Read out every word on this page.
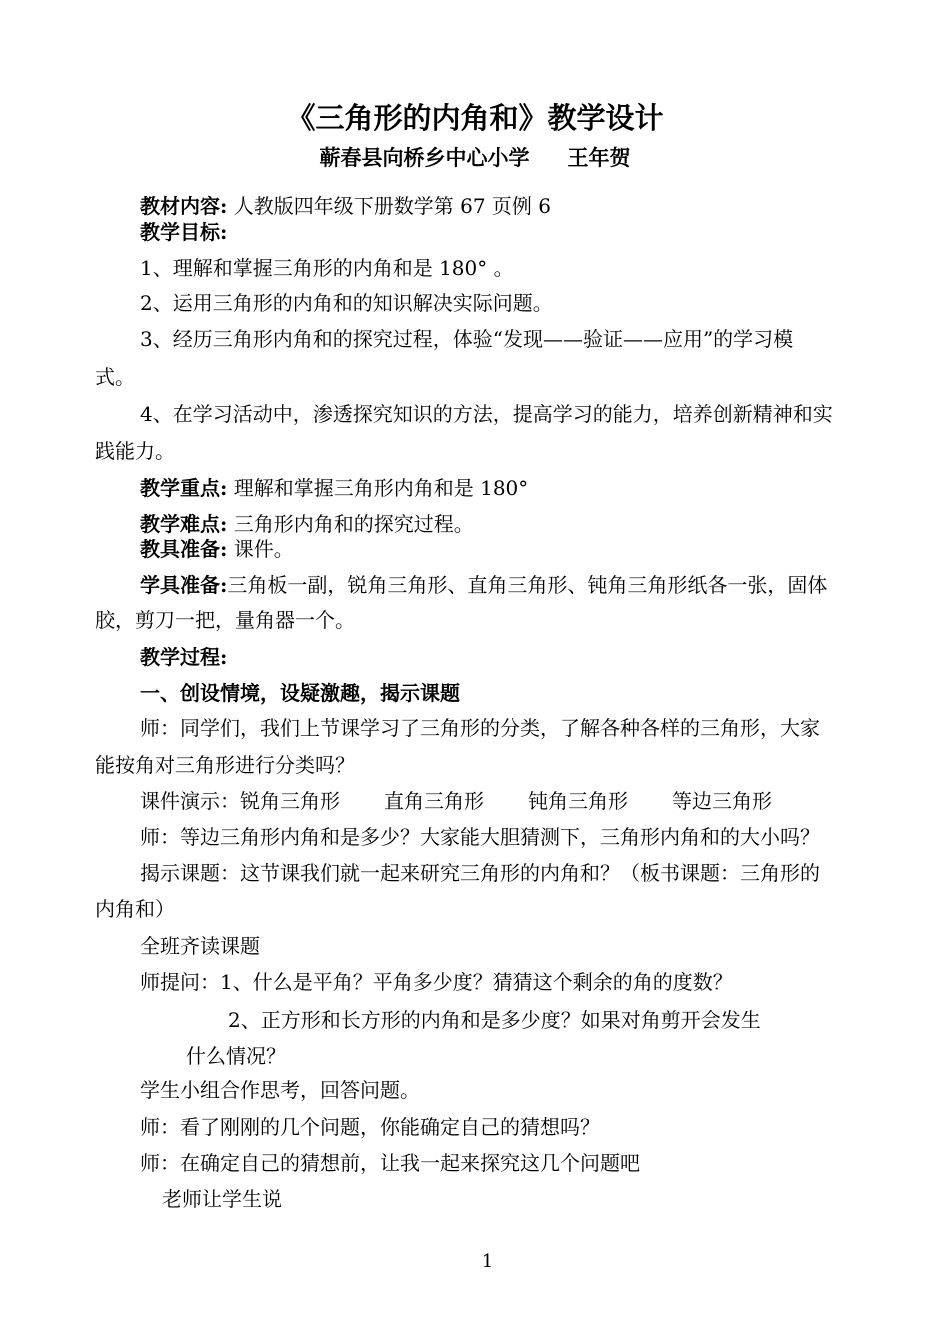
《三角形的内角和》教学设计
蕲春县向桥乡中心小学 王年贺
教材内容: 人教版四年级下册数学第 67 页例 6
教学目标:
1、理解和掌握三角形的内角和是 180° 。
2、运用三角形的内角和的知识解决实际问题。
3、经历三角形内角和的探究过程，体验“发现——验证——应用”的学习模
式。
4、在学习活动中，渗透探究知识的方法，提高学习的能力，培养创新精神和实
践能力。
教学重点: 理解和掌握三角形内角和是 180°
教学难点: 三角形内角和的探究过程。
教具准备: 课件。
学具准备:三角板一副，锐角三角形、直角三角形、钝角三角形纸各一张，固体
胶，剪刀一把，量角器一个。
教学过程:
一、创设情境，设疑激趣，揭示课题
师：同学们，我们上节课学习了三角形的分类，了解各种各样的三角形，大家
能按角对三角形进行分类吗？
课件演示：锐角三角形 直角三角形 钝角三角形 等边三角形
师：等边三角形内角和是多少？大家能大胆猜测下，三角形内角和的大小吗？
揭示课题：这节课我们就一起来研究三角形的内角和？（板书课题：三角形的
内角和）
全班齐读课题
师提问：1、什么是平角？平角多少度？猜猜这个剩余的角的度数？
2、正方形和长方形的内角和是多少度？如果对角剪开会发生
什么情况？
学生小组合作思考，回答问题。
师：看了刚刚的几个问题，你能确定自己的猜想吗？
师：在确定自己的猜想前，让我一起来探究这几个问题吧
老师让学生说
1
